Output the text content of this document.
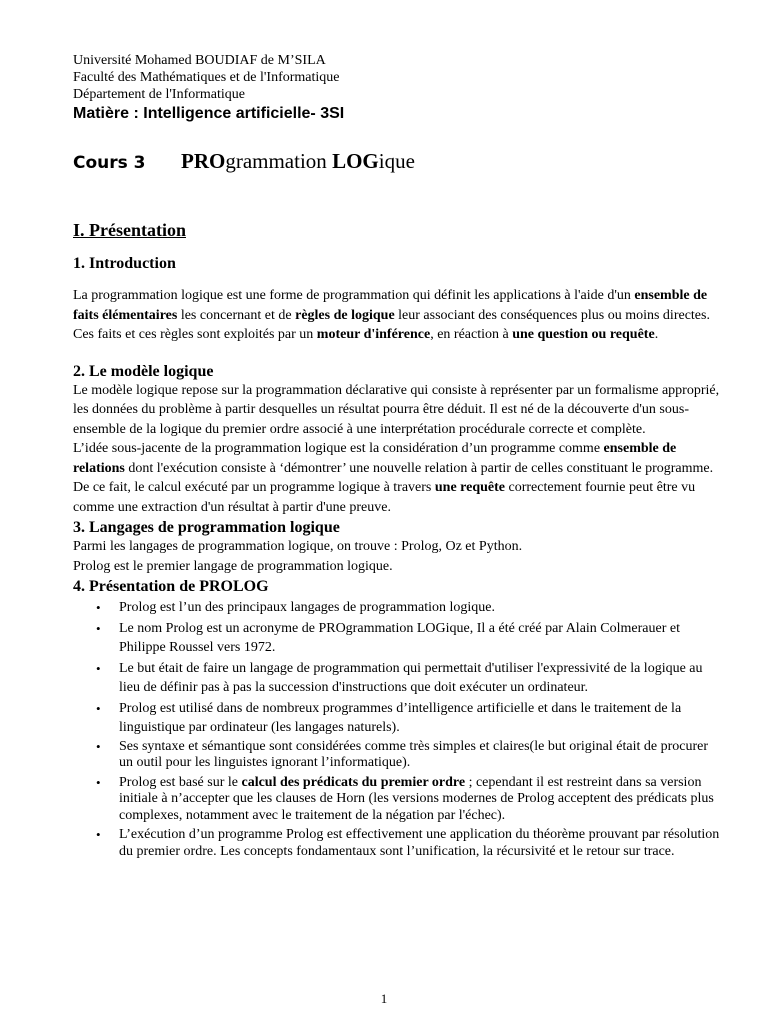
Université Mohamed BOUDIAF de M’SILA
Faculté des Mathématiques et de l'Informatique
Département de l'Informatique
Matière : Intelligence artificielle- 3SI
Cours 3	PROgrammation LOGique
I. Présentation
1. Introduction

La programmation logique est une forme de programmation qui définit les applications à l'aide d'un ensemble de faits élémentaires les concernant et de règles de logique leur associant des conséquences plus ou moins directes.

Ces faits et ces règles sont exploités par un moteur d'inférence, en réaction à une question ou requête.

2. Le modèle logique

Le modèle logique repose sur la programmation déclarative qui consiste à représenter par un formalisme approprié, les données du problème à partir desquelles un résultat pourra être déduit. Il est né de la découverte d'un sous-ensemble de la logique du premier ordre associé à une interprétation procédurale correcte et complète.

L’idée sous-jacente de la programmation logique est la considération d’un programme comme ensemble de relations dont l'exécution consiste à ‘démontrer’ une nouvelle relation à partir de celles constituant le programme.

De ce fait, le calcul exécuté par un programme logique à travers une requête correctement fournie peut être vu comme une extraction d'un résultat à partir d'une preuve.

3. Langages de programmation logique

Parmi les langages de programmation logique, on trouve : Prolog, Oz et Python.

Prolog est le premier langage de programmation logique.

4. Présentation de PROLOG
• Prolog est l’un des principaux langages de programmation logique.
• Le nom Prolog est un acronyme de PROgrammation LOGique, Il a été créé par Alain Colmerauer et Philippe Roussel vers 1972.
• Le but était de faire un langage de programmation qui permettait d'utiliser l'expressivité de la logique au lieu de définir pas à pas la succession d'instructions que doit exécuter un ordinateur.
• Prolog est utilisé dans de nombreux programmes d’intelligence artificielle et dans le traitement de la linguistique par ordinateur (les langages naturels).
• Ses syntaxe et sémantique sont considérées comme très simples et claires(le but original était de procurer un outil pour les linguistes ignorant l’informatique).
• Prolog est basé sur le calcul des prédicats du premier ordre ; cependant il est restreint dans sa version initiale à n’accepter que les clauses de Horn (les versions modernes de Prolog acceptent des prédicats plus complexes, notamment avec le traitement de la négation par l'échec).
• L’exécution d’un programme Prolog est effectivement une application du théorème prouvant par résolution du premier ordre. Les concepts fondamentaux sont l’unification, la récursivité et le retour sur trace.
1
